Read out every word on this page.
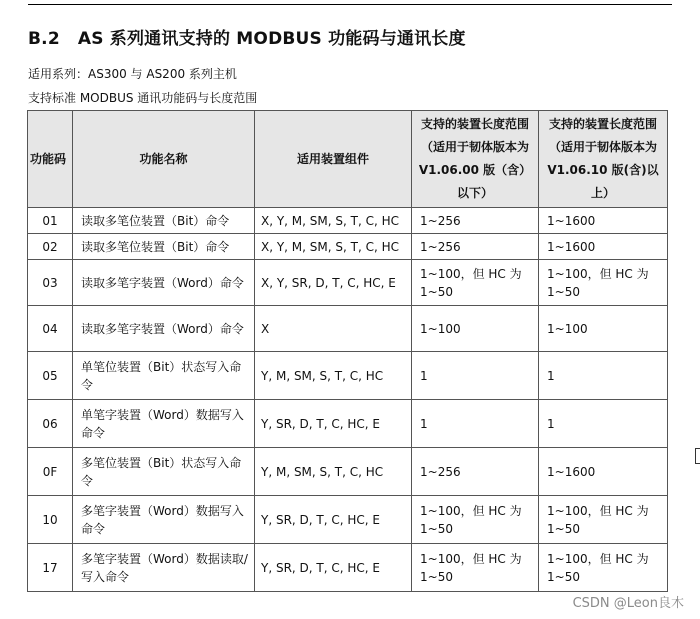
B.2 AS 系列通讯支持的 MODBUS 功能码与通讯长度
适用系列：AS300 与 AS200 系列主机
支持标准 MODBUS 通讯功能码与长度范围
功能码	功能名称	适用装置组件	支持的装置长度范围（适用于韧体版本为 V1.06.00 版（含）以下）	支持的装置长度范围（适用于韧体版本为 V1.06.10 版(含)以上）
01	读取多笔位装置（Bit）命令	X, Y, M, SM, S, T, C, HC	1~256	1~1600
02	读取多笔位装置（Bit）命令	X, Y, M, SM, S, T, C, HC	1~256	1~1600
03	读取多笔字装置（Word）命令	X, Y, SR, D, T, C, HC, E	1~100，但 HC 为 1~50	1~100，但 HC 为 1~50
04	读取多笔字装置（Word）命令	X	1~100	1~100
05	单笔位装置（Bit）状态写入命令	Y, M, SM, S, T, C, HC	1	1
06	单笔字装置（Word）数据写入命令	Y, SR, D, T, C, HC, E	1	1
0F	多笔位装置（Bit）状态写入命令	Y, M, SM, S, T, C, HC	1~256	1~1600
10	多笔字装置（Word）数据写入命令	Y, SR, D, T, C, HC, E	1~100，但 HC 为 1~50	1~100，但 HC 为 1~50
17	多笔字装置（Word）数据读取/写入命令	Y, SR, D, T, C, HC, E	1~100，但 HC 为 1~50	1~100，但 HC 为 1~50
CSDN @Leon良木
